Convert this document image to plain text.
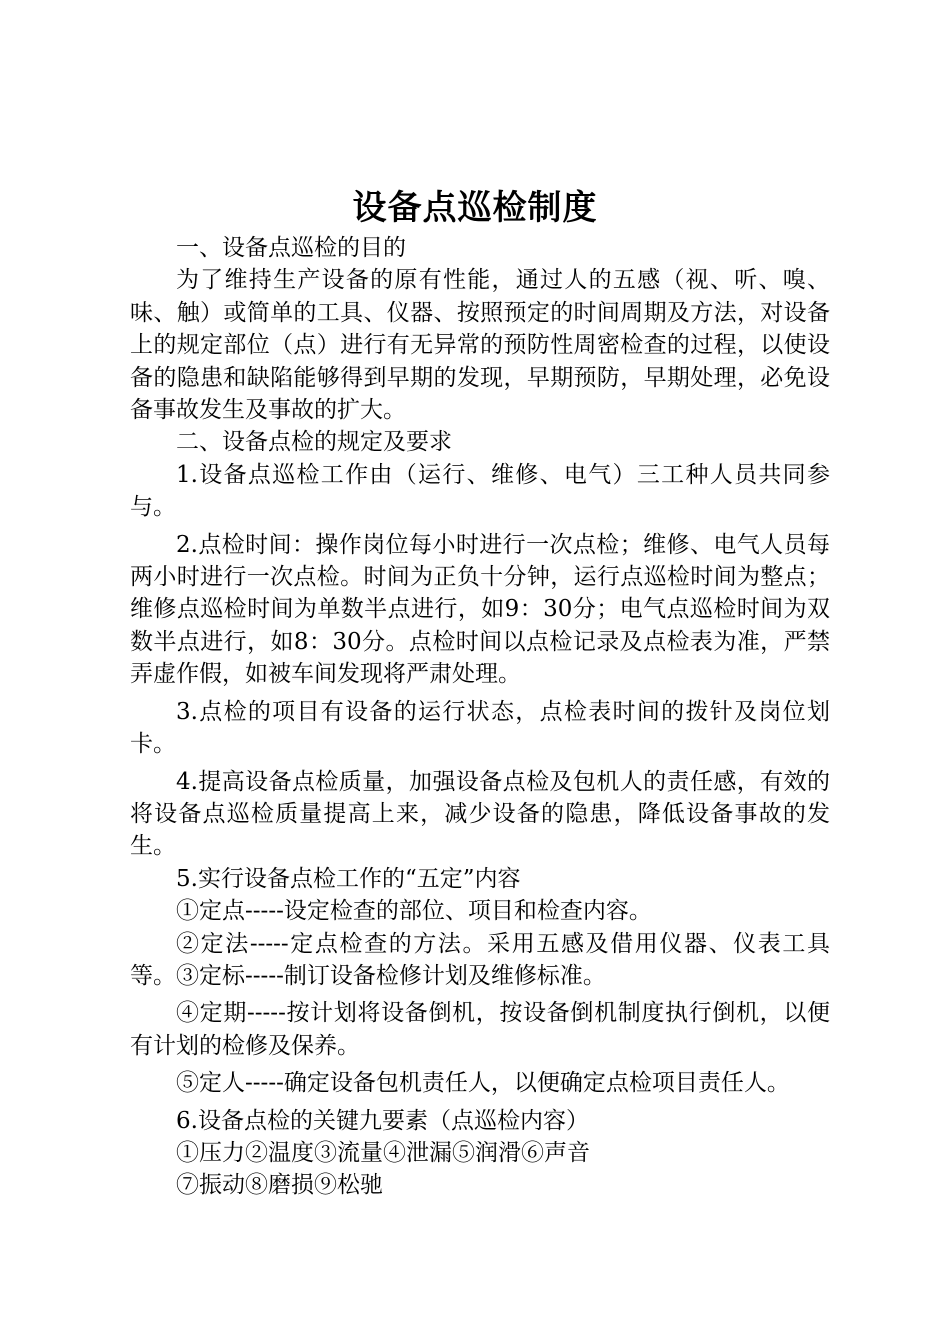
设备点巡检制度

一、设备点巡检的目的

为了维持生产设备的原有性能，通过人的五感（视、听、嗅、味、触）或简单的工具、仪器、按照预定的时间周期及方法，对设备上的规定部位（点）进行有无异常的预防性周密检查的过程，以使设备的隐患和缺陷能够得到早期的发现，早期预防，早期处理，必免设备事故发生及事故的扩大。

二、设备点检的规定及要求

1.设备点巡检工作由（运行、维修、电气）三工种人员共同参与。

2.点检时间：操作岗位每小时进行一次点检；维修、电气人员每两小时进行一次点检。时间为正负十分钟，运行点巡检时间为整点；维修点巡检时间为单数半点进行，如9：30分；电气点巡检时间为双数半点进行，如8：30分。点检时间以点检记录及点检表为准，严禁弄虚作假，如被车间发现将严肃处理。

3.点检的项目有设备的运行状态，点检表时间的拨针及岗位划卡。

4.提高设备点检质量，加强设备点检及包机人的责任感，有效的将设备点巡检质量提高上来，减少设备的隐患，降低设备事故的发生。

5.实行设备点检工作的“五定”内容

①定点-----设定检查的部位、项目和检查内容。

②定法-----定点检查的方法。采用五感及借用仪器、仪表工具等。③定标-----制订设备检修计划及维修标准。

④定期-----按计划将设备倒机，按设备倒机制度执行倒机，以便有计划的检修及保养。

⑤定人-----确定设备包机责任人，以便确定点检项目责任人。

6.设备点检的关键九要素（点巡检内容）

①压力②温度③流量④泄漏⑤润滑⑥声音

⑦振动⑧磨损⑨松驰
